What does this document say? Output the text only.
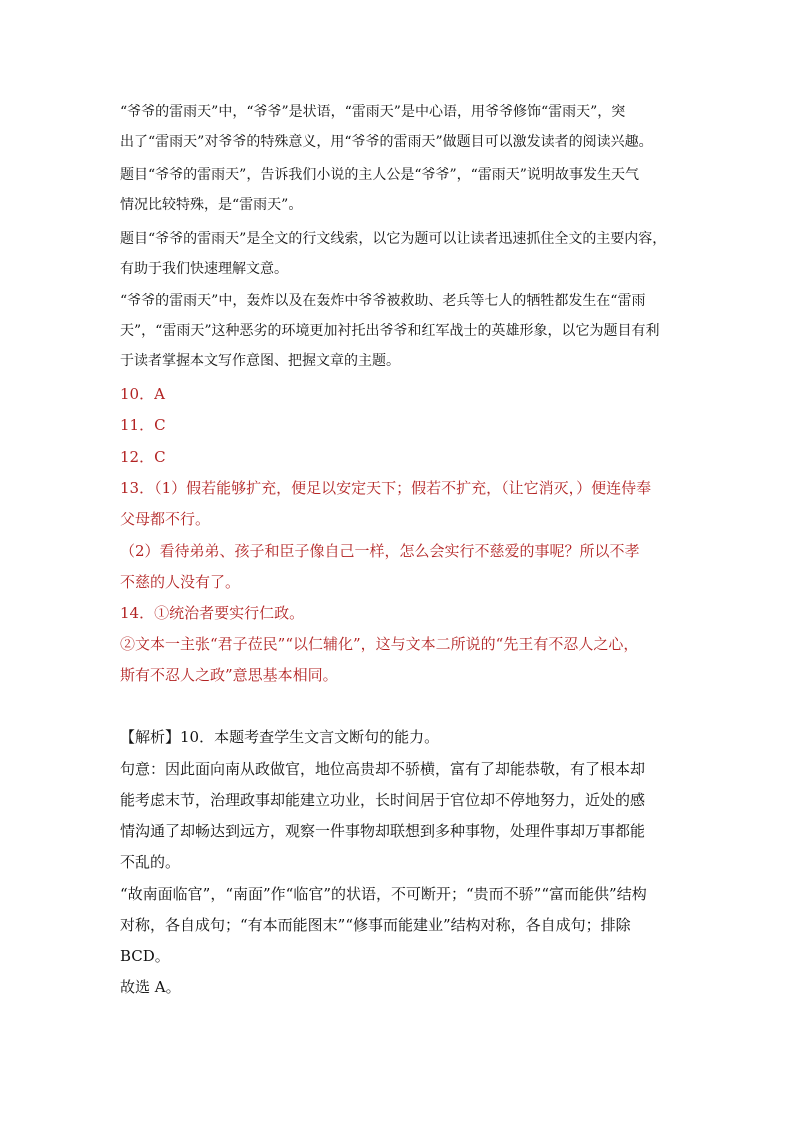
“爷爷的雷雨天”中，“爷爷”是状语，“雷雨天”是中心语，用爷爷修饰“雷雨天”，突
出了“雷雨天”对爷爷的特殊意义，用“爷爷的雷雨天”做题目可以激发读者的阅读兴趣。
题目“爷爷的雷雨天”，告诉我们小说的主人公是“爷爷”，“雷雨天”说明故事发生天气
情况比较特殊，是“雷雨天”。
题目“爷爷的雷雨天”是全文的行文线索，以它为题可以让读者迅速抓住全文的主要内容，
有助于我们快速理解文意。
“爷爷的雷雨天”中，轰炸以及在轰炸中爷爷被救助、老兵等七人的牺牲都发生在“雷雨
天”，“雷雨天”这种恶劣的环境更加衬托出爷爷和红军战士的英雄形象，以它为题目有利
于读者掌握本文写作意图、把握文章的主题。
10．A
11．C
12．C
13．（1）假若能够扩充，便足以安定天下；假若不扩充，（让它消灭，）便连侍奉
父母都不行。
（2）看待弟弟、孩子和臣子像自己一样，怎么会实行不慈爱的事呢？所以不孝
不慈的人没有了。
14．①统治者要实行仁政。
②文本一主张“君子莅民”“以仁辅化”，这与文本二所说的“先王有不忍人之心，
斯有不忍人之政”意思基本相同。
【解析】10．本题考查学生文言文断句的能力。
句意：因此面向南从政做官，地位高贵却不骄横，富有了却能恭敬，有了根本却
能考虑末节，治理政事却能建立功业，长时间居于官位却不停地努力，近处的感
情沟通了却畅达到远方，观察一件事物却联想到多种事物，处理件事却万事都能
不乱的。
“故南面临官”，“南面”作“临官”的状语，不可断开；“贵而不骄”“富而能供”结构
对称，各自成句；“有本而能图末”“修事而能建业”结构对称，各自成句；排除
BCD。
故选 A。
